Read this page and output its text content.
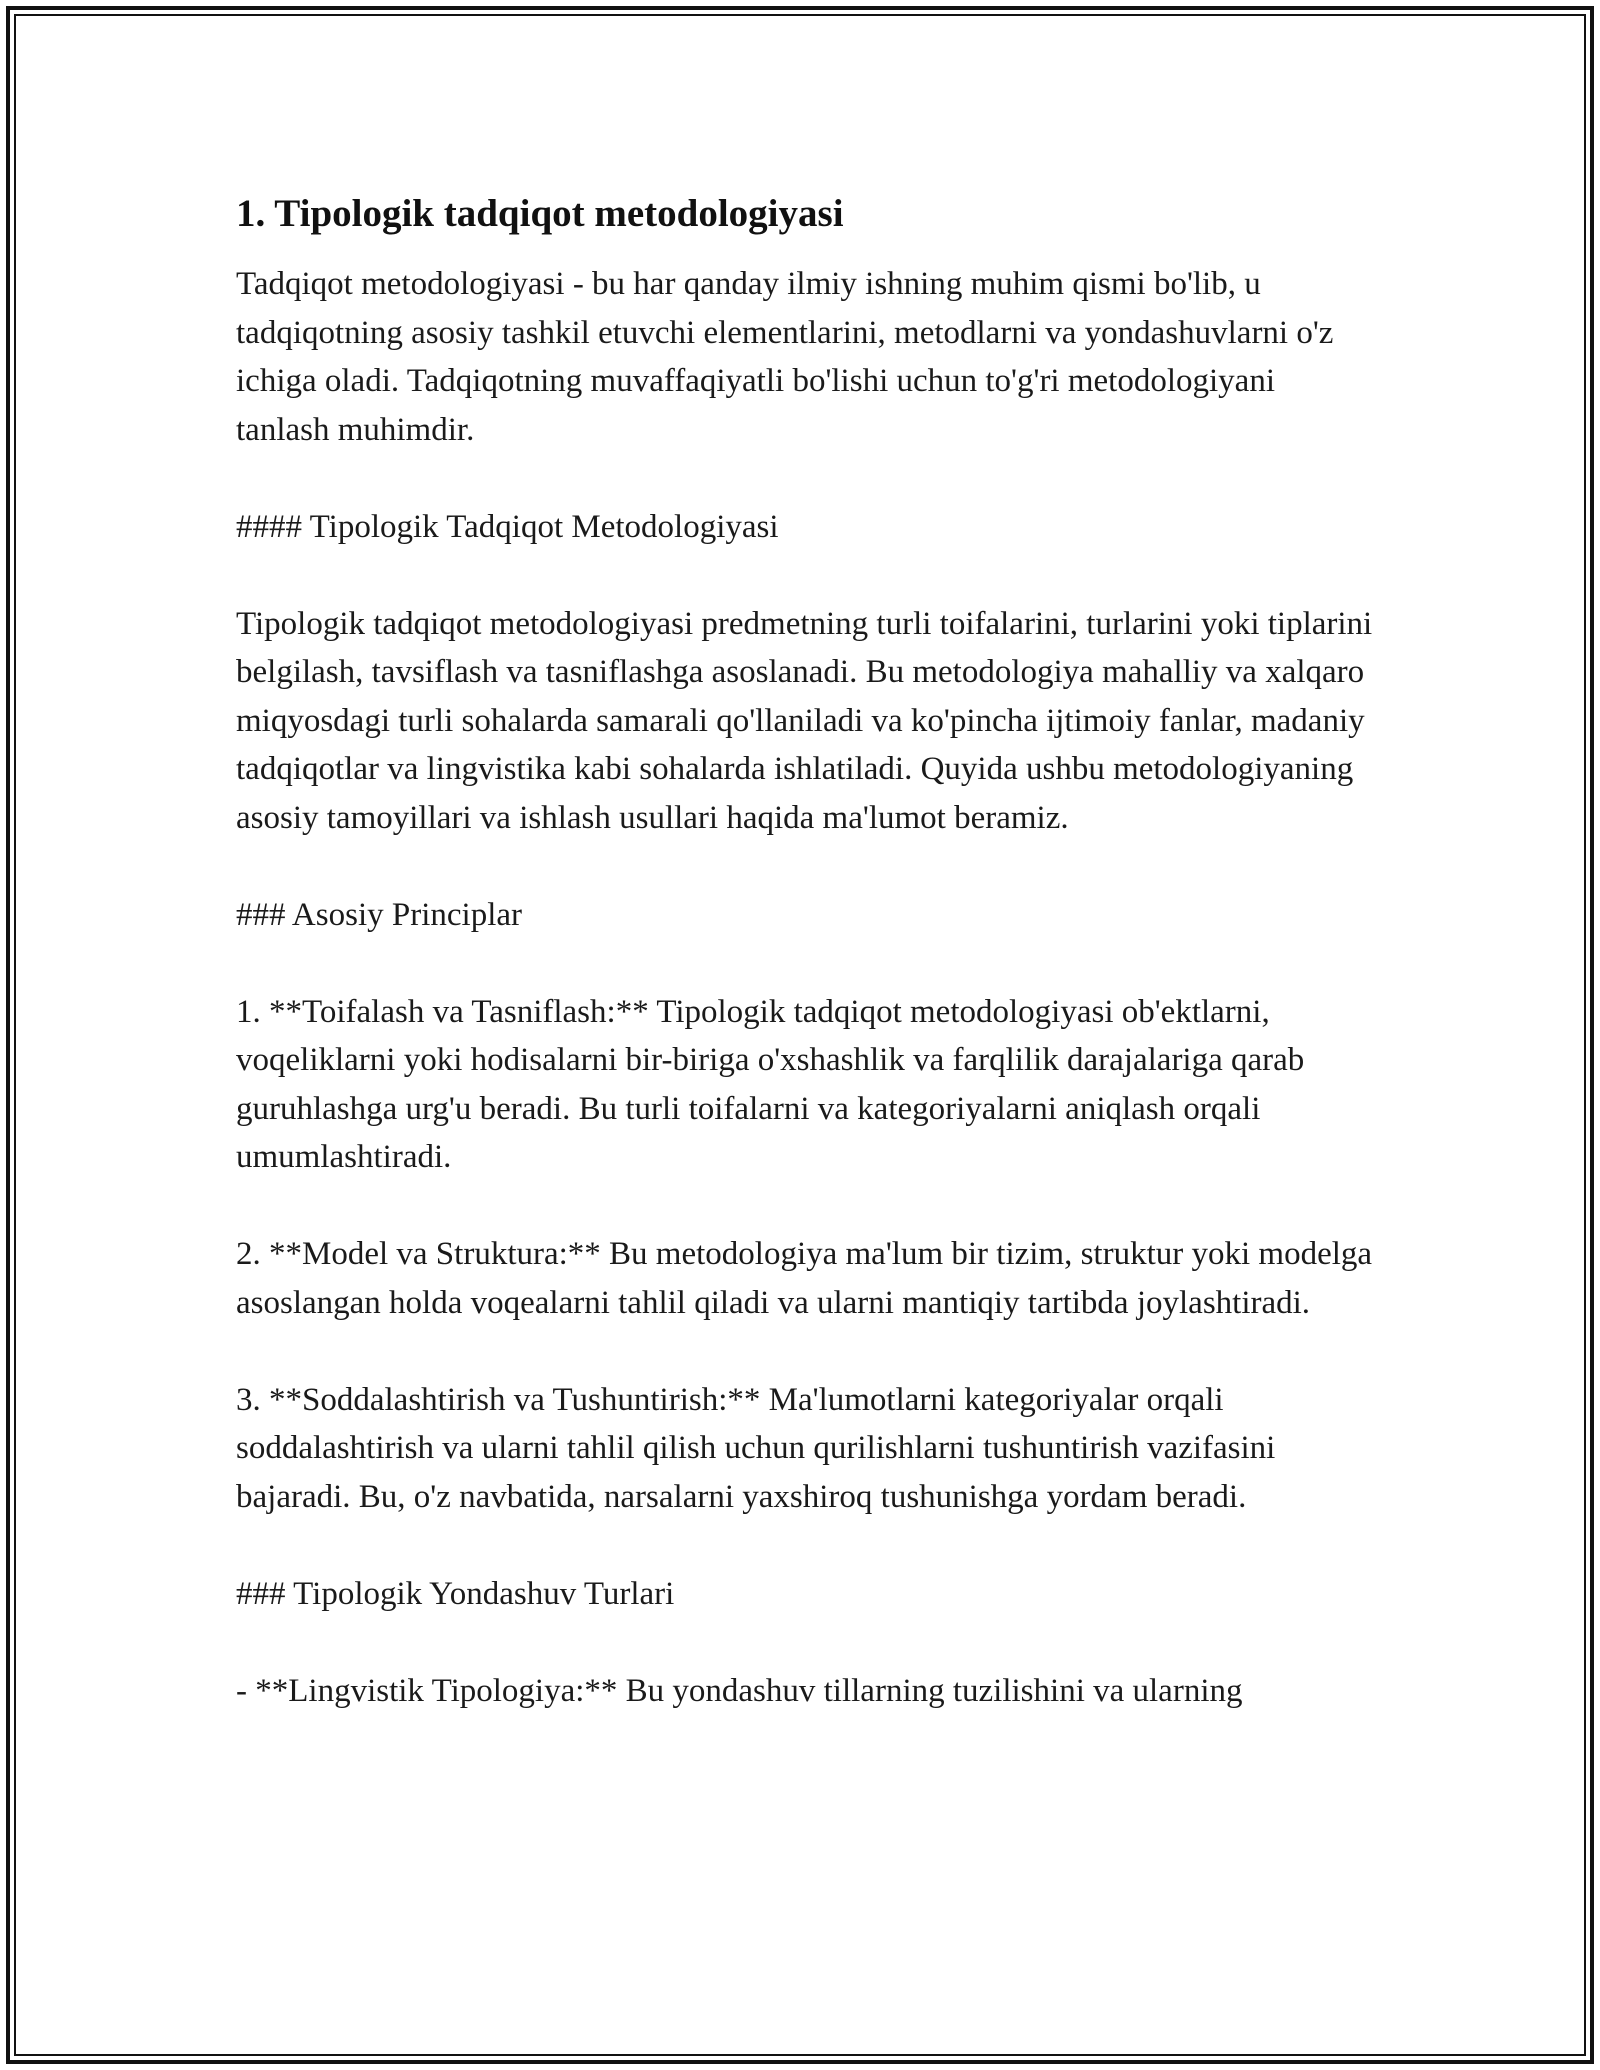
1. Tipologik tadqiqot metodologiyasi

Tadqiqot metodologiyasi - bu har qanday ilmiy ishning muhim qismi bo'lib, u tadqiqotning asosiy tashkil etuvchi elementlarini, metodlarni va yondashuvlarni o'z ichiga oladi. Tadqiqotning muvaffaqiyatli bo'lishi uchun to'g'ri metodologiyani tanlash muhimdir.

#### Tipologik Tadqiqot Metodologiyasi

Tipologik tadqiqot metodologiyasi predmetning turli toifalarini, turlarini yoki tiplarini belgilash, tavsiflash va tasniflashga asoslanadi. Bu metodologiya mahalliy va xalqaro miqyosdagi turli sohalarda samarali qo'llaniladi va ko'pincha ijtimoiy fanlar, madaniy tadqiqotlar va lingvistika kabi sohalarda ishlatiladi. Quyida ushbu metodologiyaning asosiy tamoyillari va ishlash usullari haqida ma'lumot beramiz.

### Asosiy Principlar

1. **Toifalash va Tasniflash:** Tipologik tadqiqot metodologiyasi ob'ektlarni, voqeliklarni yoki hodisalarni bir-biriga o'xshashlik va farqlilik darajalariga qarab guruhlashga urg'u beradi. Bu turli toifalarni va kategoriyalarni aniqlash orqali umumlashtiradi.

2. **Model va Struktura:** Bu metodologiya ma'lum bir tizim, struktur yoki modelga asoslangan holda voqealarni tahlil qiladi va ularni mantiqiy tartibda joylashtiradi.

3. **Soddalashtirish va Tushuntirish:** Ma'lumotlarni kategoriyalar orqali soddalashtirish va ularni tahlil qilish uchun qurilishlarni tushuntirish vazifasini bajaradi. Bu, o'z navbatida, narsalarni yaxshiroq tushunishga yordam beradi.

### Tipologik Yondashuv Turlari

- **Lingvistik Tipologiya:** Bu yondashuv tillarning tuzilishini va ularning
